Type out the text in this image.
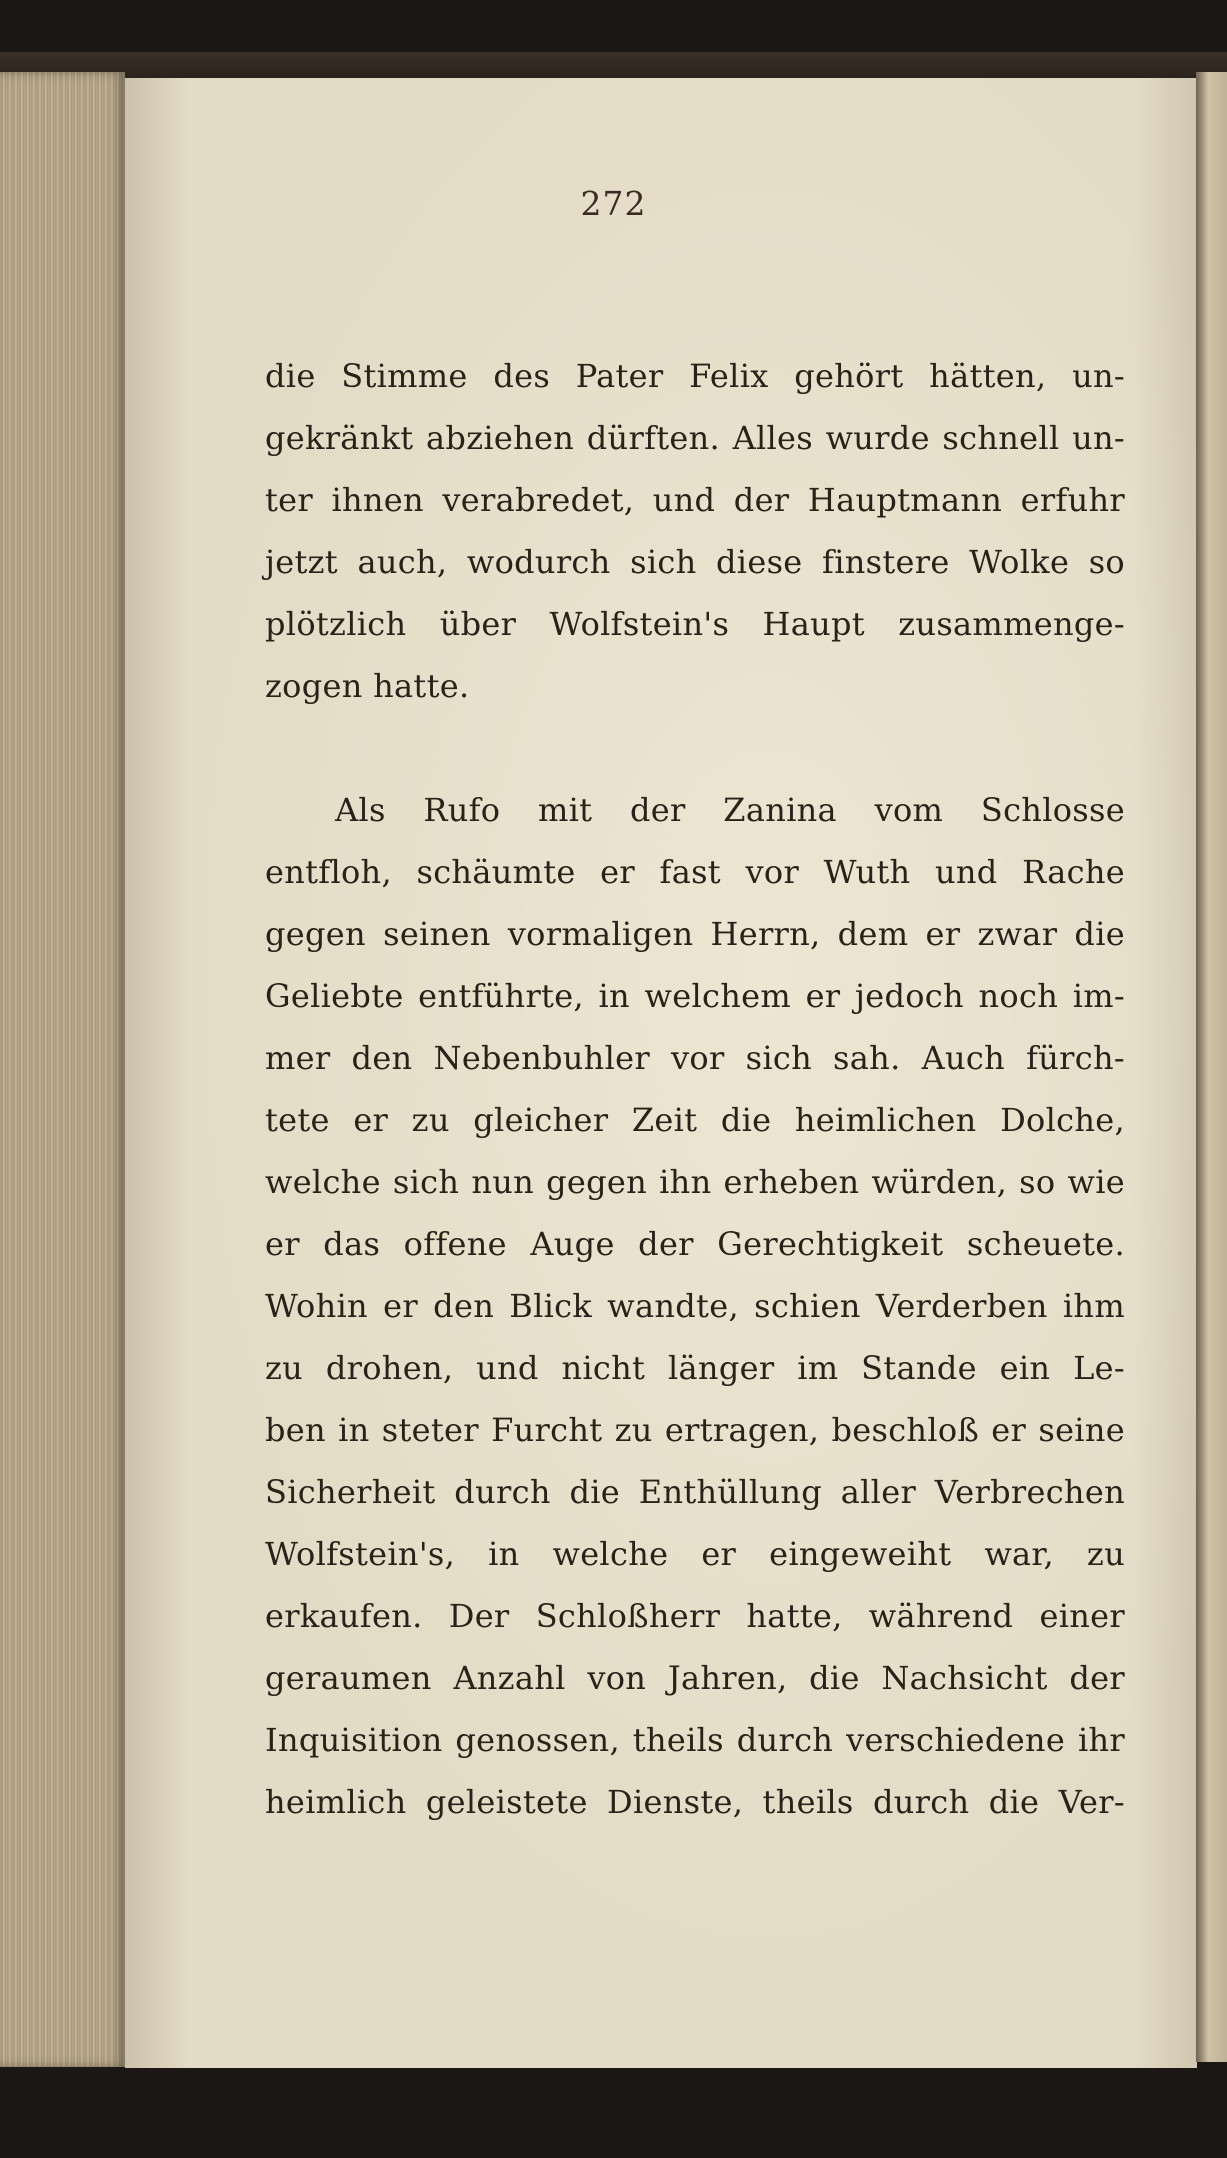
272
die Stimme des Pater Felix gehört hätten, un-
gekränkt abziehen dürften. Alles wurde schnell un-
ter ihnen verabredet, und der Hauptmann erfuhr
jetzt auch, wodurch sich diese finstere Wolke so
plötzlich über Wolfstein's Haupt zusammenge-
zogen hatte.
Als Rufo mit der Zanina vom Schlosse
entfloh, schäumte er fast vor Wuth und Rache
gegen seinen vormaligen Herrn, dem er zwar die
Geliebte entführte, in welchem er jedoch noch im-
mer den Nebenbuhler vor sich sah. Auch fürch-
tete er zu gleicher Zeit die heimlichen Dolche,
welche sich nun gegen ihn erheben würden, so wie
er das offene Auge der Gerechtigkeit scheuete.
Wohin er den Blick wandte, schien Verderben ihm
zu drohen, und nicht länger im Stande ein Le-
ben in steter Furcht zu ertragen, beschloß er seine
Sicherheit durch die Enthüllung aller Verbrechen
Wolfstein's, in welche er eingeweiht war, zu
erkaufen. Der Schloßherr hatte, während einer
geraumen Anzahl von Jahren, die Nachsicht der
Inquisition genossen, theils durch verschiedene ihr
heimlich geleistete Dienste, theils durch die Ver-
